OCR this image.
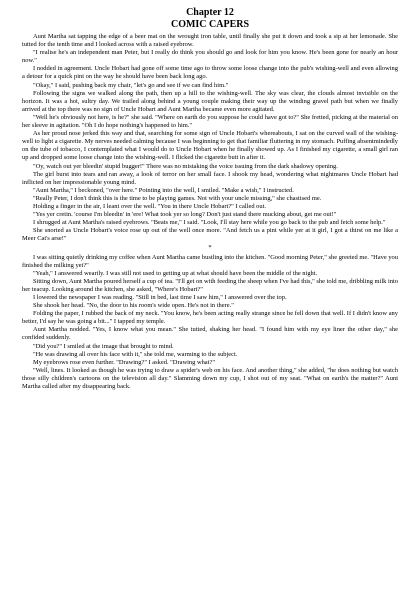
Chapter 12
COMIC CAPERS

Aunt Martha sat tapping the edge of a beer mat on the wrought iron table, until finally she put it down and took a sip at her lemonade. She tutted for the tenth time and I looked across with a raised eyebrow.

"I realise he's an independent man Peter, but I really do think you should go and look for him you know. He's been gone for nearly an hour now."

I nodded in agreement. Uncle Hobart had gone off some time ago to throw some loose change into the pub's wishing-well and even allowing a detour for a quick pint on the way he should have been back long ago.

"Okay," I said, pushing back my chair, "let's go and see if we can find him."

Following the signs we walked along the path, then up a hill to the wishing-well. The sky was clear, the clouds almost invisible on the horizon. It was a hot, sultry day. We trailed along behind a young couple making their way up the winding gravel path but when we finally arrived at the top there was no sign of Uncle Hobart and Aunt Martha became even more agitated.

"Well he's obviously not here, is he?" she said. "Where on earth do you suppose he could have got to?" She fretted, picking at the material on her sleeve in agitation. "Oh I do hope nothing's happened to him."

As her proud nose jerked this way and that, searching for some sign of Uncle Hobart's whereabouts, I sat on the curved wall of the wishing-well to light a cigarette. My nerves needed calming because I was beginning to get that familiar fluttering in my stomach. Puffing absentmindedly on the tube of tobacco, I contemplated what I would do to Uncle Hobart when he finally showed up. As I finished my cigarette, a small girl ran up and dropped some loose change into the wishing-well. I flicked the cigarette butt in after it.

"Oy, watch out yer bleedin' stupid bugger!" There was no mistaking the voice issuing from the dark shadowy opening.

The girl burst into tears and ran away, a look of terror on her small face. I shook my head, wondering what nightmares Uncle Hobart had inflicted on her impressionable young mind.

"Aunt Martha," I beckoned, "over here." Pointing into the well, I smiled. "Make a wish," I instructed.

"Really Peter, I don't think this is the time to be playing games. Not with your uncle missing," she chastised me.

Holding a finger in the air, I leant over the well. "You in there Uncle Hobart?" I called out.

"Yes yer cretin. 'course I'm bleedin' in 'ere! What took yer so long? Don't just stand there mucking about, get me out!"

I shrugged at Aunt Martha's raised eyebrows. "Beats me," I said. "Look, I'll stay here while you go back to the pub and fetch some help."

She snorted as Uncle Hobart's voice rose up out of the well once more. "And fetch us a pint while yer at it girl, I got a thirst on me like a Meer Cat's arse!"

*

I was sitting quietly drinking my coffee when Aunt Martha came bustling into the kitchen. "Good morning Peter," she greeted me. "Have you finished the milking yet?"

"Yeah," I answered wearily. I was still not used to getting up at what should have been the middle of the night.

Sitting down, Aunt Martha poured herself a cup of tea. "I'll get on with feeding the sheep when I've had this," she told me, dribbling milk into her teacup. Looking around the kitchen, she asked, "Where's Hobart?"

I lowered the newspaper I was reading. "Still in bed, last time I saw him," I answered over the top.

She shook her head. "No, the door to his room's wide open. He's not in there."

Folding the paper, I rubbed the back of my neck. "You know, he's been acting really strange since he fell down that well. If I didn't know any better, I'd say he was going a bit..." I tapped my temple.

Aunt Martha nodded. "Yes, I know what you mean." She tutted, shaking her head. "I found him with my eye liner the other day," she confided suddenly.

"Did you?" I smiled at the image that brought to mind.

"He was drawing all over his face with it," she told me, warming to the subject.

My eyebrows rose even further. "Drawing?" I asked. "Drawing what?"

"Well, lines. It looked as though he was trying to draw a spider's web on his face. And another thing," she added, "he does nothing but watch those silly children's cartoons on the television all day." Slamming down my cup, I shot out of my seat. "What on earth's the matter?" Aunt Martha called after my disappearing back.
